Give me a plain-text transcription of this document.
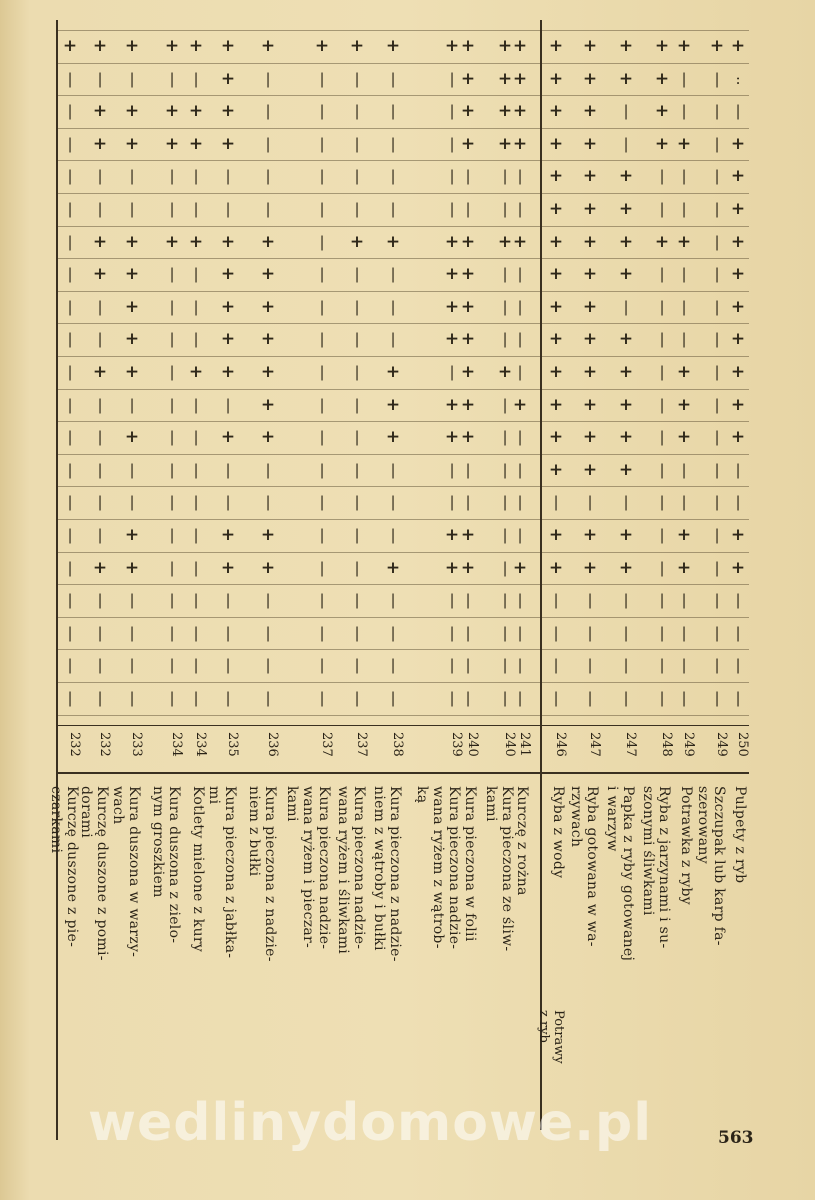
+
|
|
|
|
|
|
|
|
|
|
|
|
|
|
|
|
|
|
|
|
232
Kurczę duszone z pie-
czarkami
+
|
+
+
|
|
+
+
|
|
+
|
|
|
|
|
+
|
|
|
|
232
Kurczę duszone z pomi-
dorami
+
|
+
+
|
|
+
+
+
+
+
|
+
|
|
+
+
|
|
|
|
233
Kura duszona w warzy-
wach
+
|
+
+
|
|
+
|
|
|
|
|
|
|
|
|
|
|
|
|
|
234
Kura duszona z zielo-
nym groszkiem
+
|
+
+
|
|
+
|
|
|
+
|
|
|
|
|
|
|
|
|
|
234
Kotlety mielone z kury
+
+
+
+
|
|
+
+
+
+
+
|
+
|
|
+
+
|
|
|
|
235
Kura pieczona z jabłka-
mi
+
|
|
|
|
|
+
+
+
+
+
+
+
|
|
+
+
|
|
|
|
236
Kura pieczona z nadzie-
niem z bułki
+
|
|
|
|
|
|
|
|
|
|
|
|
|
|
|
|
|
|
|
|
237
Kura pieczona nadzie-
wana ryżem i pieczar-
kami
+
|
|
|
|
|
+
|
|
|
|
|
|
|
|
|
|
|
|
|
|
237
Kura pieczona nadzie-
wana ryżem i śliwkami
+
|
|
|
|
|
+
|
|
|
+
+
+
|
|
|
+
|
|
|
|
238
Kura pieczona z nadzie-
niem z wątroby i bułki
+
|
|
|
|
|
+
+
+
+
|
+
+
|
|
+
+
|
|
|
|
239
Kura pieczona nadzie-
wana ryżem z wątrob-
ką
+
+
+
+
|
|
+
+
+
+
+
+
+
|
|
+
+
|
|
|
|
240
Kura pieczona w folii
+
+
+
+
|
|
+
|
|
|
+
|
|
|
|
|
|
|
|
|
|
240
Kura pieczona ze śliw-
kami
+
+
+
+
|
|
+
|
|
|
|
+
|
|
|
|
+
|
|
|
|
241
Kurczę z rożna
+
+
+
+
+
+
+
+
+
+
+
+
+
+
|
+
+
|
|
|
|
246
Ryba z wody
+
+
+
+
+
+
+
+
+
+
+
+
+
+
|
+
+
|
|
|
|
247
Ryba gotowana w wa-
rzywach
+
+
|
|
+
+
+
+
|
+
+
+
+
+
|
+
+
|
|
|
|
247
Papka z ryby gotowanej
i warzyw
+
+
+
+
|
|
+
|
|
|
|
|
|
|
|
|
|
|
|
|
|
248
Ryba z jarzynami i su-
szonymi śliwkami
+
|
|
+
|
|
+
|
|
|
+
+
+
|
|
+
+
|
|
|
|
249
Potrawka z ryby
+
|
|
|
|
|
|
|
|
|
|
|
|
|
|
|
|
|
|
|
|
249
Szczupak lub karp fa-
szerowany
+
:
|
+
+
+
+
+
+
+
+
+
+
|
|
+
+
|
|
|
|
250
Pulpety z ryb
Potrawy
z ryb
wedlinydomowe.pl	563
